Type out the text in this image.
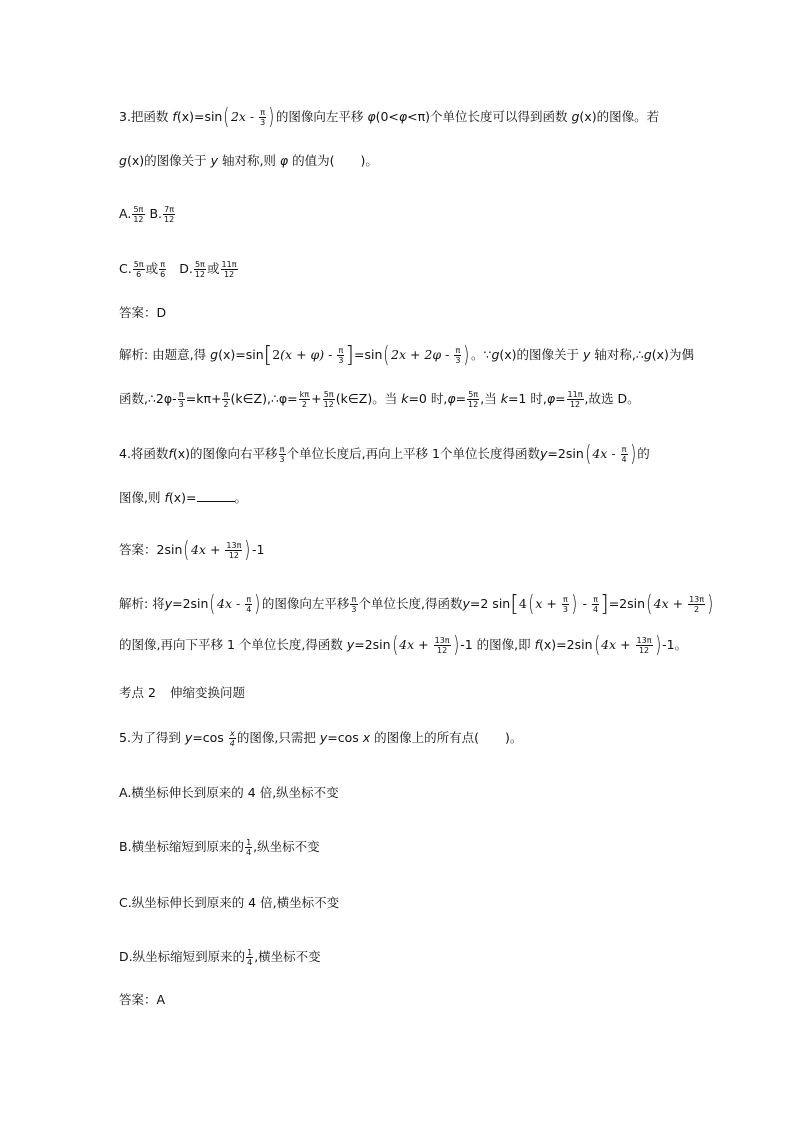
3.把函数 $f(x)=\sin(2x - \frac{\pi}{3}$ )的图像向左平移 φ(0<φ<π)个单位长度可以得到函数 g(x)的图像。若
g(x)的图像关于 y 轴对称,则 φ 的值为( )。
A. $\frac{5\pi}{12} B$. $\frac{7\pi}{12}$
C. $\frac{5\pi}{6}$ 或 $\frac{\pi}{6} D$. $\frac{5\pi}{12}$ 或 $\frac{11\pi}{12}$
答案：D
解析: 由题意,得 $g(x)=\sin[2(x + \varphi) - \frac{\pi}{3} ]=\sin(2x + 2\varphi - \frac{\pi}{3}$ )。∵g(x)的图像关于 y 轴对称,∴g(x)为偶
函数,∴2φ- $\frac{\pi}{3} =k\pi+ \frac{\pi}{2}$ (k∈Z),∴φ= $\frac{k\pi}{2} + \frac{5\pi}{12}$ (k∈Z)。当 k=0 时$,\varphi= \frac{5\pi}{12}$ ,当 k=1 时$,\varphi= \frac{11\pi}{12}$ ,故选 D。
4.将函数f(x)的图像向右平移 $\frac{\pi}{3}$ 个单位长度后,再向上平移 1个单位长度得函数$y=2\sin(4x - \frac{\pi}{4}$ )的
图像,则 f(x)=	。
答案：$2\sin(4x + \frac{13\pi}{12} )-1$
解析: 将$y=2\sin(4x - \frac{\pi}{4}$ )的图像向左平移 $\frac{\pi}{3}$ 个单位长度,得函数y=2 $\sin[4(x + \frac{\pi}{3}$ ) - $\frac{\pi}{4} ]=2\sin(4x + \frac{13\pi}{2}$ )
的图像,再向下平移 1 个单位长度,得函数 $y=2\sin(4x + \frac{13\pi}{12} )-1$ 的图像,即 $f(x)=2\sin(4x + \frac{13\pi}{12} )-1$。
考点 2 伸缩变换问题
5.为了得到 $y=\cos \frac{x}{4}$ 的图像,只需把 y=cos x 的图像上的所有点( )。
A.横坐标伸长到原来的 4 倍,纵坐标不变
B.横坐标缩短到原来的 $\frac{1}{4}$ ,纵坐标不变
C.纵坐标伸长到原来的 4 倍,横坐标不变
D.纵坐标缩短到原来的 $\frac{1}{4}$ ,横坐标不变
答案：A
